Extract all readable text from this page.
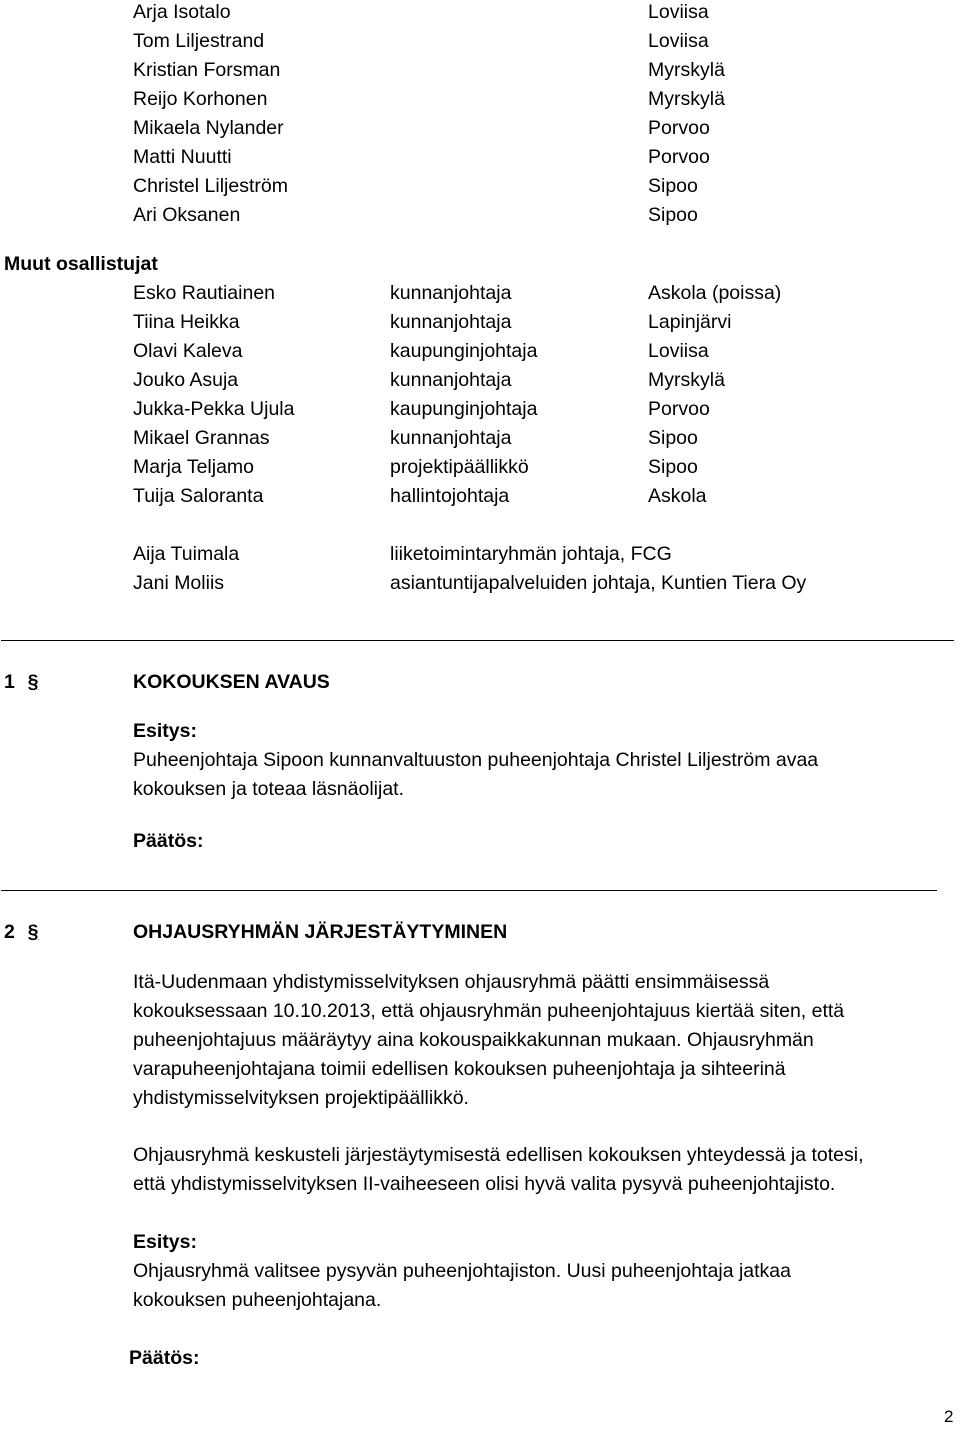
Arja Isotalo	Loviisa
Tom Liljestrand	Loviisa
Kristian Forsman	Myrskylä
Reijo Korhonen	Myrskylä
Mikaela Nylander	Porvoo
Matti Nuutti	Porvoo
Christel Liljeström	Sipoo
Ari Oksanen	Sipoo
Muut osallistujat
Esko Rautiainen	kunnanjohtaja	Askola (poissa)
Tiina Heikka	kunnanjohtaja	Lapinjärvi
Olavi Kaleva	kaupunginjohtaja	Loviisa
Jouko Asuja	kunnanjohtaja	Myrskylä
Jukka-Pekka Ujula	kaupunginjohtaja	Porvoo
Mikael Grannas	kunnanjohtaja	Sipoo
Marja Teljamo	projektipäällikkö	Sipoo
Tuija Saloranta	hallintojohtaja	Askola
Aija Tuimala	liiketoimintaryhmän johtaja, FCG
Jani Moliis	asiantuntijapalveluiden johtaja, Kuntien Tiera Oy
1 §	KOKOUKSEN AVAUS
Esitys:
Puheenjohtaja Sipoon kunnanvaltuuston puheenjohtaja Christel Liljeström avaa
kokouksen ja toteaa läsnäolijat.
Päätös:
2 §	OHJAUSRYHMÄN JÄRJESTÄYTYMINEN
Itä-Uudenmaan yhdistymisselvityksen ohjausryhmä päätti ensimmäisessä
kokouksessaan 10.10.2013, että ohjausryhmän puheenjohtajuus kiertää siten, että
puheenjohtajuus määräytyy aina kokouspaikkakunnan mukaan. Ohjausryhmän
varapuheenjohtajana toimii edellisen kokouksen puheenjohtaja ja sihteerinä
yhdistymisselvityksen projektipäällikkö.
Ohjausryhmä keskusteli järjestäytymisestä edellisen kokouksen yhteydessä ja totesi,
että yhdistymisselvityksen II-vaiheeseen olisi hyvä valita pysyvä puheenjohtajisto.
Esitys:
Ohjausryhmä valitsee pysyvän puheenjohtajiston. Uusi puheenjohtaja jatkaa
kokouksen puheenjohtajana.
Päätös:
2
